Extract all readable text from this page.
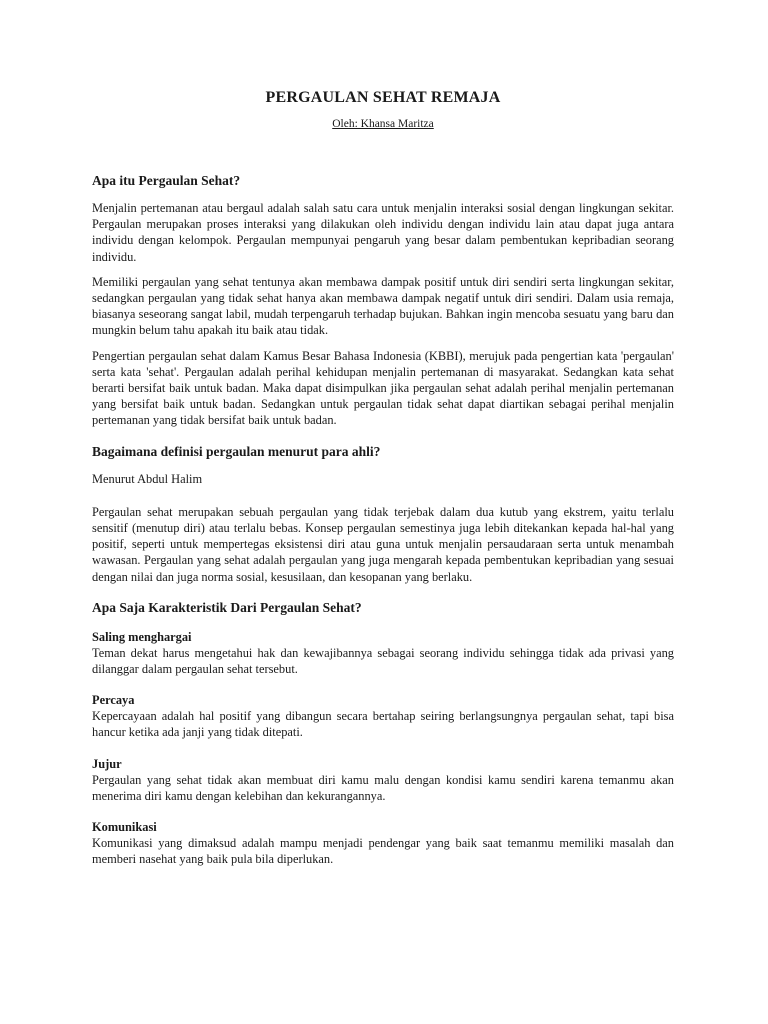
PERGAULAN SEHAT REMAJA
Oleh: Khansa Maritza
Apa itu Pergaulan Sehat?

Menjalin pertemanan atau bergaul adalah salah satu cara untuk menjalin interaksi sosial dengan lingkungan sekitar. Pergaulan merupakan proses interaksi yang dilakukan oleh individu dengan individu lain atau dapat juga antara individu dengan kelompok. Pergaulan mempunyai pengaruh yang besar dalam pembentukan kepribadian seorang individu.

Memiliki pergaulan yang sehat tentunya akan membawa dampak positif untuk diri sendiri serta lingkungan sekitar, sedangkan pergaulan yang tidak sehat hanya akan membawa dampak negatif untuk diri sendiri. Dalam usia remaja, biasanya seseorang sangat labil, mudah terpengaruh terhadap bujukan. Bahkan ingin mencoba sesuatu yang baru dan mungkin belum tahu apakah itu baik atau tidak.

Pengertian pergaulan sehat dalam Kamus Besar Bahasa Indonesia (KBBI), merujuk pada pengertian kata 'pergaulan' serta kata 'sehat'. Pergaulan adalah perihal kehidupan menjalin pertemanan di masyarakat. Sedangkan kata sehat berarti bersifat baik untuk badan. Maka dapat disimpulkan jika pergaulan sehat adalah perihal menjalin pertemanan yang bersifat baik untuk badan. Sedangkan untuk pergaulan tidak sehat dapat diartikan sebagai perihal menjalin pertemanan yang tidak bersifat baik untuk badan.

Bagaimana definisi pergaulan menurut para ahli?

Menurut Abdul Halim

Pergaulan sehat merupakan sebuah pergaulan yang tidak terjebak dalam dua kutub yang ekstrem, yaitu terlalu sensitif (menutup diri) atau terlalu bebas. Konsep pergaulan semestinya juga lebih ditekankan kepada hal-hal yang positif, seperti untuk mempertegas eksistensi diri atau guna untuk menjalin persaudaraan serta untuk menambah wawasan. Pergaulan yang sehat adalah pergaulan yang juga mengarah kepada pembentukan kepribadian yang sesuai dengan nilai dan juga norma sosial, kesusilaan, dan kesopanan yang berlaku.

Apa Saja Karakteristik Dari Pergaulan Sehat?
Saling menghargai

Teman dekat harus mengetahui hak dan kewajibannya sebagai seorang individu sehingga tidak ada privasi yang dilanggar dalam pergaulan sehat tersebut.

Percaya

Kepercayaan adalah hal positif yang dibangun secara bertahap seiring berlangsungnya pergaulan sehat, tapi bisa hancur ketika ada janji yang tidak ditepati.

Jujur

Pergaulan yang sehat tidak akan membuat diri kamu malu dengan kondisi kamu sendiri karena temanmu akan menerima diri kamu dengan kelebihan dan kekurangannya.

Komunikasi

Komunikasi yang dimaksud adalah mampu menjadi pendengar yang baik saat temanmu memiliki masalah dan memberi nasehat yang baik pula bila diperlukan.
